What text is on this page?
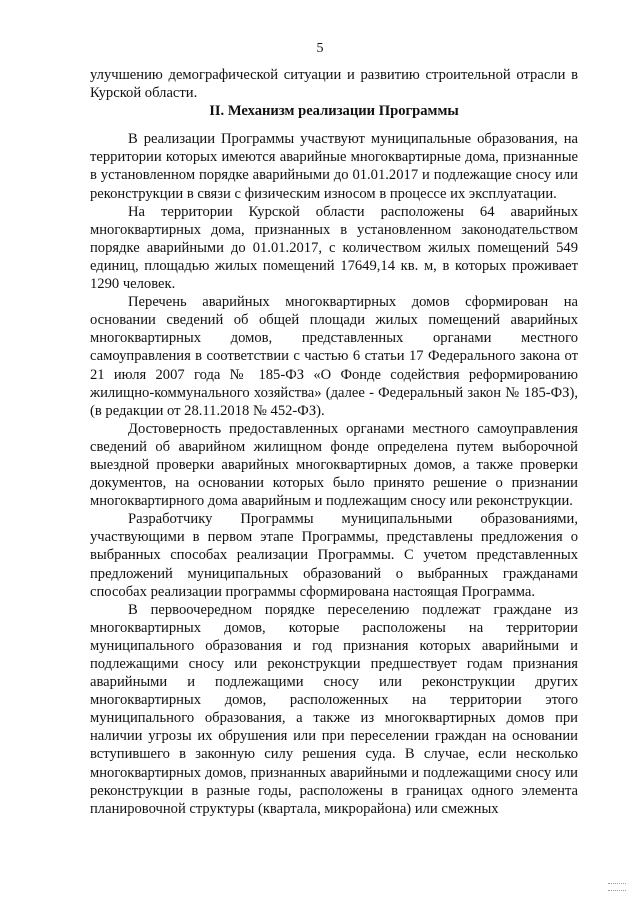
5

улучшению демографической ситуации и развитию строительной отрасли в Курской области.

II. Механизм реализации Программы

В реализации Программы участвуют муниципальные образования, на территории которых имеются аварийные многоквартирные дома, признанные в установленном порядке аварийными до 01.01.2017 и подлежащие сносу или реконструкции в связи с физическим износом в процессе их эксплуатации.

На территории Курской области расположены 64 аварийных многоквартирных дома, признанных в установленном законодательством порядке аварийными до 01.01.2017, с количеством жилых помещений 549 единиц, площадью жилых помещений 17649,14 кв. м, в которых проживает 1290 человек.

Перечень аварийных многоквартирных домов сформирован на основании сведений об общей площади жилых помещений аварийных многоквартирных домов, представленных органами местного самоуправления в соответствии с частью 6 статьи 17 Федерального закона от 21 июля 2007 года № 185-ФЗ «О Фонде содействия реформированию жилищно-коммунального хозяйства» (далее - Федеральный закон № 185-ФЗ), (в редакции от 28.11.2018 № 452-ФЗ).

Достоверность предоставленных органами местного самоуправления сведений об аварийном жилищном фонде определена путем выборочной выездной проверки аварийных многоквартирных домов, а также проверки документов, на основании которых было принято решение о признании многоквартирного дома аварийным и подлежащим сносу или реконструкции.

Разработчику Программы муниципальными образованиями, участвующими в первом этапе Программы, представлены предложения о выбранных способах реализации Программы. С учетом представленных предложений муниципальных образований о выбранных гражданами способах реализации программы сформирована настоящая Программа.

В первоочередном порядке переселению подлежат граждане из многоквартирных домов, которые расположены на территории муниципального образования и год признания которых аварийными и подлежащими сносу или реконструкции предшествует годам признания аварийными и подлежащими сносу или реконструкции других многоквартирных домов, расположенных на территории этого муниципального образования, а также из многоквартирных домов при наличии угрозы их обрушения или при переселении граждан на основании вступившего в законную силу решения суда. В случае, если несколько многоквартирных домов, признанных аварийными и подлежащими сносу или реконструкции в разные годы, расположены в границах одного элемента планировочной структуры (квартала, микрорайона) или смежных
